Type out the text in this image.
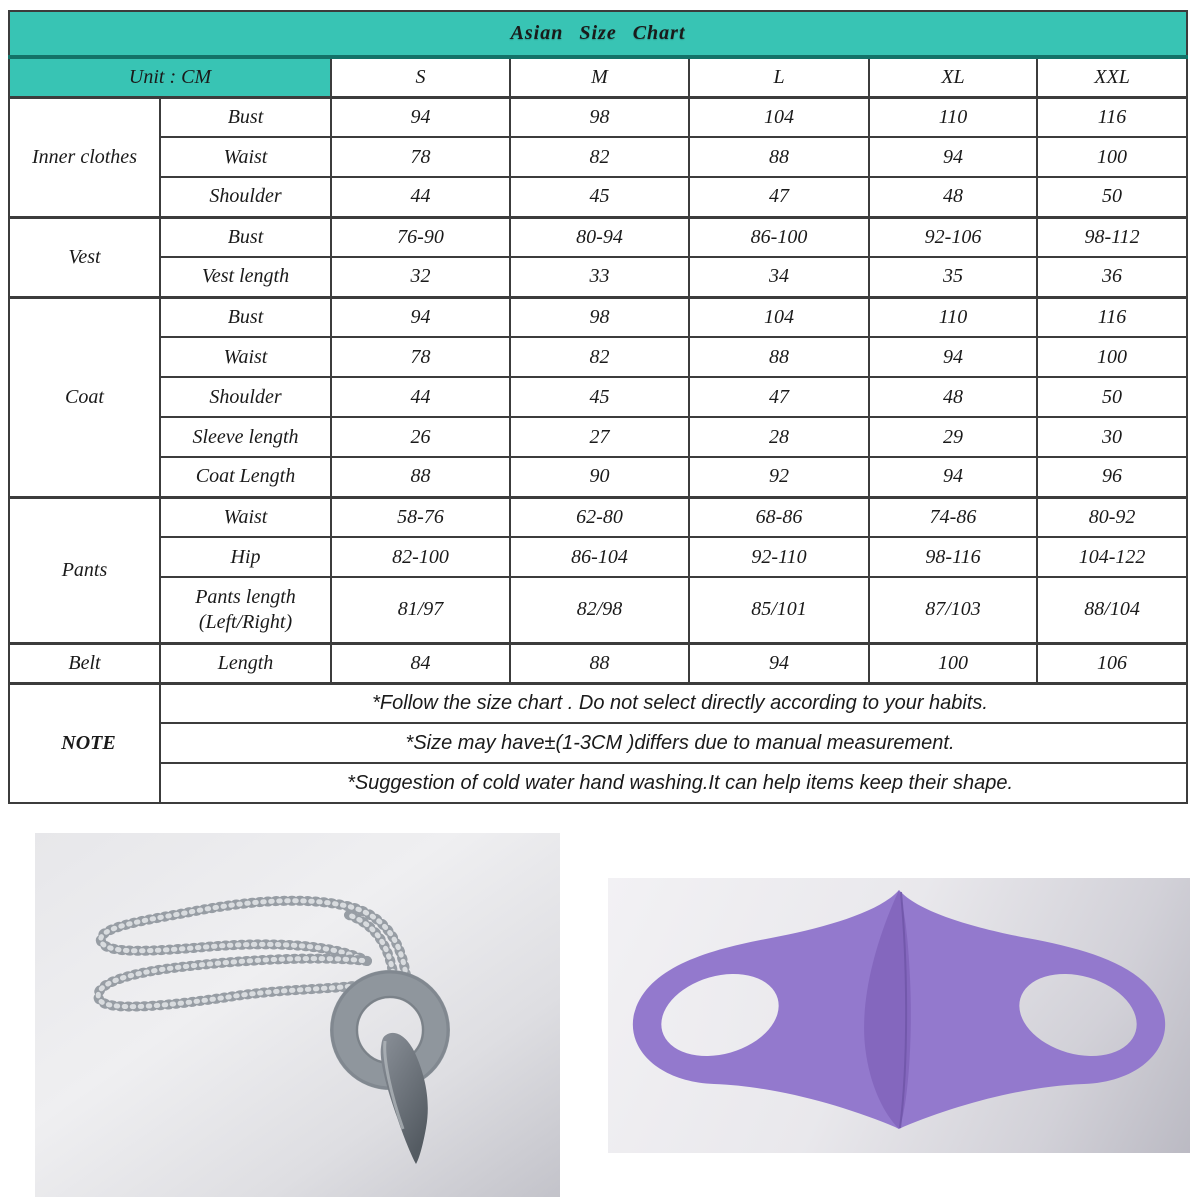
Asian Size Chart						
Unit : CM		S	M	L	XL	XXL
Inner clothes	Bust	94	98	104	110	116
	Waist	78	82	88	94	100
	Shoulder	44	45	47	48	50
Vest	Bust	76-90	80-94	86-100	92-106	98-112
	Vest length	32	33	34	35	36
Coat	Bust	94	98	104	110	116
	Waist	78	82	88	94	100
	Shoulder	44	45	47	48	50
	Sleeve length	26	27	28	29	30
	Coat Length	88	90	92	94	96
Pants	Waist	58-76	62-80	68-86	74-86	80-92
	Hip	82-100	86-104	92-110	98-116	104-122
	Pants length
(Left/Right)	81/97	82/98	85/101	87/103	88/104
Belt	Length	84	88	94	100	106
NOTE	*Follow the size chart . Do not select directly according to your habits.					
	*Size may have±(1-3CM )differs due to manual measurement.					
	*Suggestion of cold water hand washing.It can help items keep their shape.					
